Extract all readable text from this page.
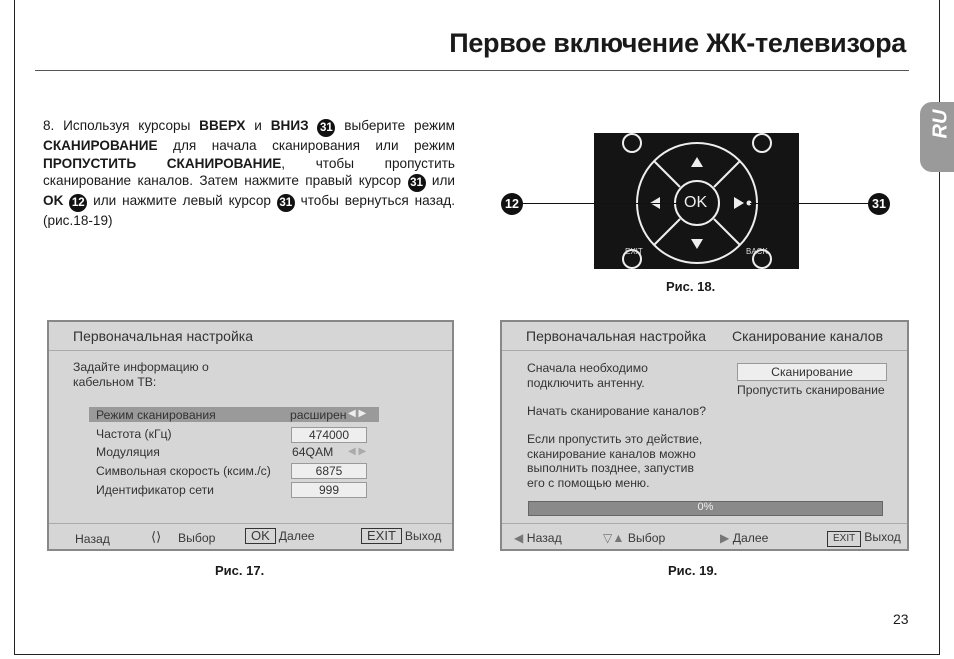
Первое включение ЖК-телевизора
RU
8. Используя курсоры ВВЕРХ и ВНИЗ 31 выберите режим СКАНИРОВАНИЕ для начала сканирования или режим ПРОПУСТИТЬ СКАНИРОВАНИЕ, чтобы пропустить сканирование каналов. Затем нажмите правый курсор 31 или OK 12 или нажмите левый курсор 31 чтобы вернуться назад. (рис.18-19)
OK
EXIT	BACK
12	31
Рис. 18.
Первоначальная настройка
Задайте информацию о
кабельном ТВ:
Режим сканирования	расширен ◀ ▶
Частота (кГц)	474000
Модуляция	64QAM ◀ ▶
Символьная скорость (ксим./с)	6875
Идентификатор сети	999
Назад	⟨⟩ Выбор	OK Далее	EXIT Выход
Рис. 17.
Первоначальная настройка Сканирование каналов
Сначала необходимо
подключить антенну.
Начать сканирование каналов?
Если пропустить это действие,
сканирование каналов можно
выполнить позднее, запустив
его с помощью меню.
Сканирование
Пропустить сканирование
0%
◀ Назад	▽▲ Выбор	▶ Далее	EXIT Выход
Рис. 19.
23
